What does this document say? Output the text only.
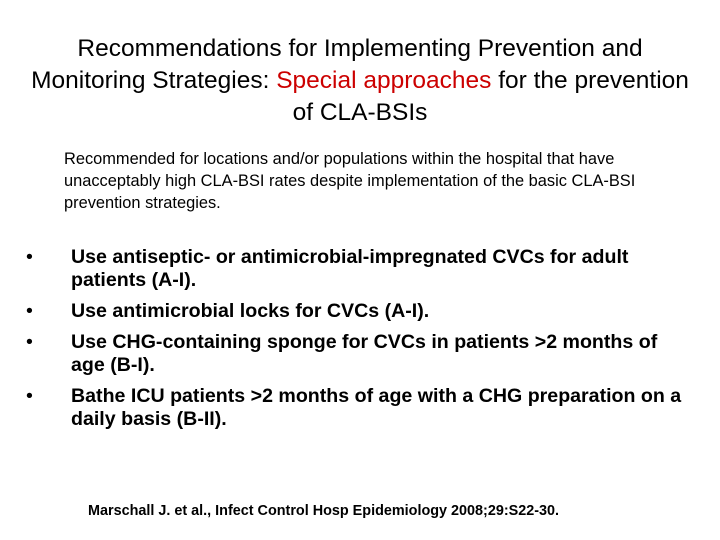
Recommendations for Implementing Prevention and Monitoring Strategies: Special approaches for the prevention of CLA-BSIs
Recommended for locations and/or populations within the hospital that have unacceptably high CLA-BSI rates despite implementation of the basic CLA-BSI prevention strategies.
•	Use antiseptic- or antimicrobial-impregnated CVCs for adult patients (A-I).
•	Use antimicrobial locks for CVCs (A-I).
•	Use CHG-containing sponge for CVCs in patients >2 months of age (B-I).
•	Bathe ICU patients >2 months of age with a CHG preparation on a daily basis (B-II).
Marschall J. et al., Infect Control Hosp Epidemiology 2008;29:S22-30.
